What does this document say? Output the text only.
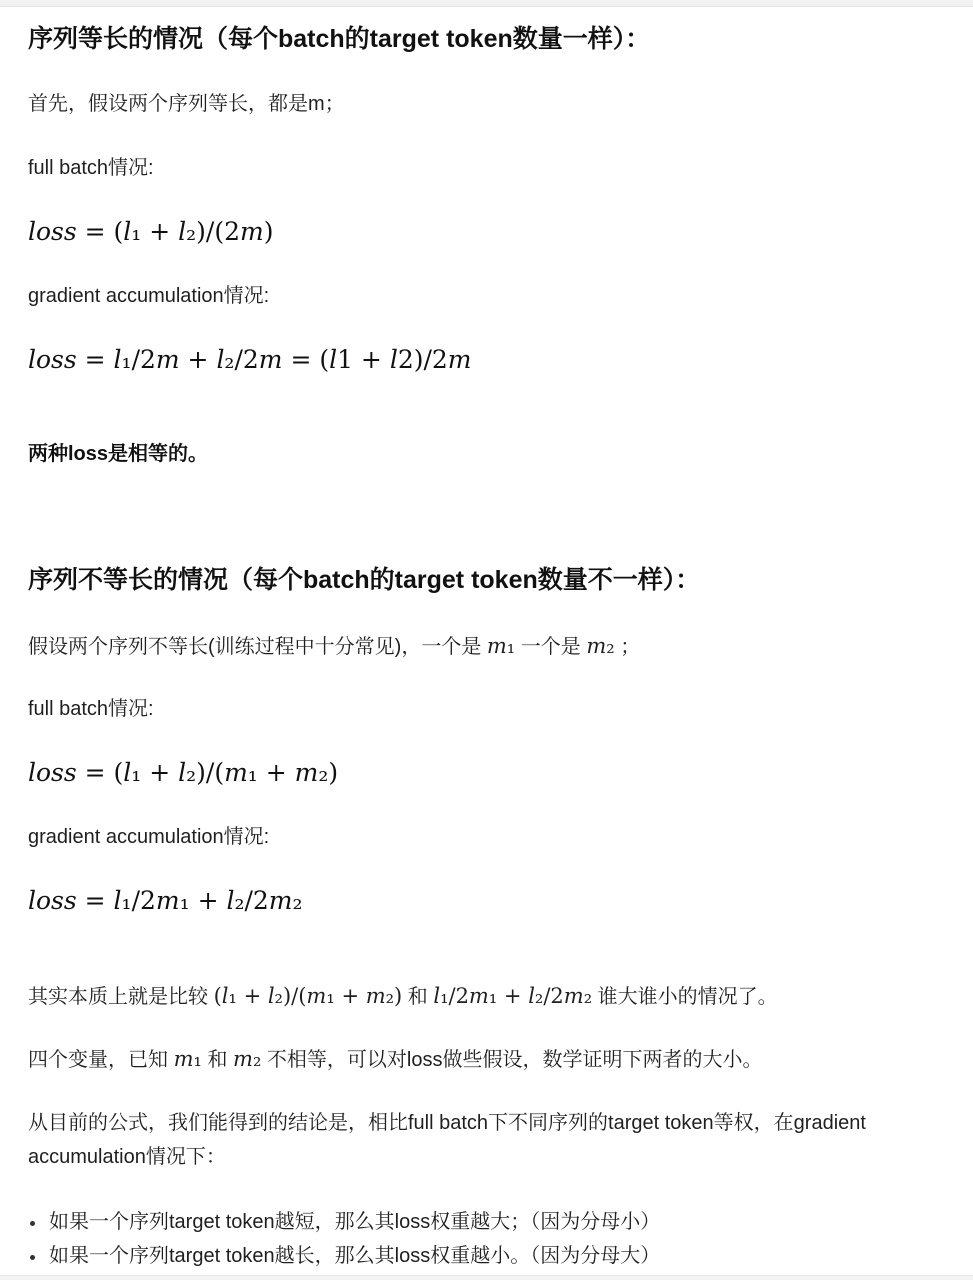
序列等长的情况（每个batch的target token数量一样）：

首先，假设两个序列等长，都是m；

full batch情况:

𝑙𝑜𝑠𝑠 = (𝑙₁ + 𝑙₂)/(2𝑚)

gradient accumulation情况:

𝑙𝑜𝑠𝑠 = 𝑙₁/2𝑚 + 𝑙₂/2𝑚 = (𝑙1 + 𝑙2)/2𝑚

两种loss是相等的。

序列不等长的情况（每个batch的target token数量不一样）：

假设两个序列不等长(训练过程中十分常见)，一个是 𝑚₁ 一个是 𝑚₂ ；

full batch情况:

𝑙𝑜𝑠𝑠 = (𝑙₁ + 𝑙₂)/(𝑚₁ + 𝑚₂)

gradient accumulation情况:

𝑙𝑜𝑠𝑠 = 𝑙₁/2𝑚₁ + 𝑙₂/2𝑚₂

其实本质上就是比较 (𝑙₁ + 𝑙₂)/(𝑚₁ + 𝑚₂) 和 𝑙₁/2𝑚₁ + 𝑙₂/2𝑚₂ 谁大谁小的情况了。

四个变量，已知 𝑚₁ 和 𝑚₂ 不相等，可以对loss做些假设，数学证明下两者的大小。

从目前的公式，我们能得到的结论是，相比full batch下不同序列的target token等权，在gradient accumulation情况下：

如果一个序列target token越短，那么其loss权重越大；（因为分母小）
如果一个序列target token越长，那么其loss权重越小。（因为分母大）
